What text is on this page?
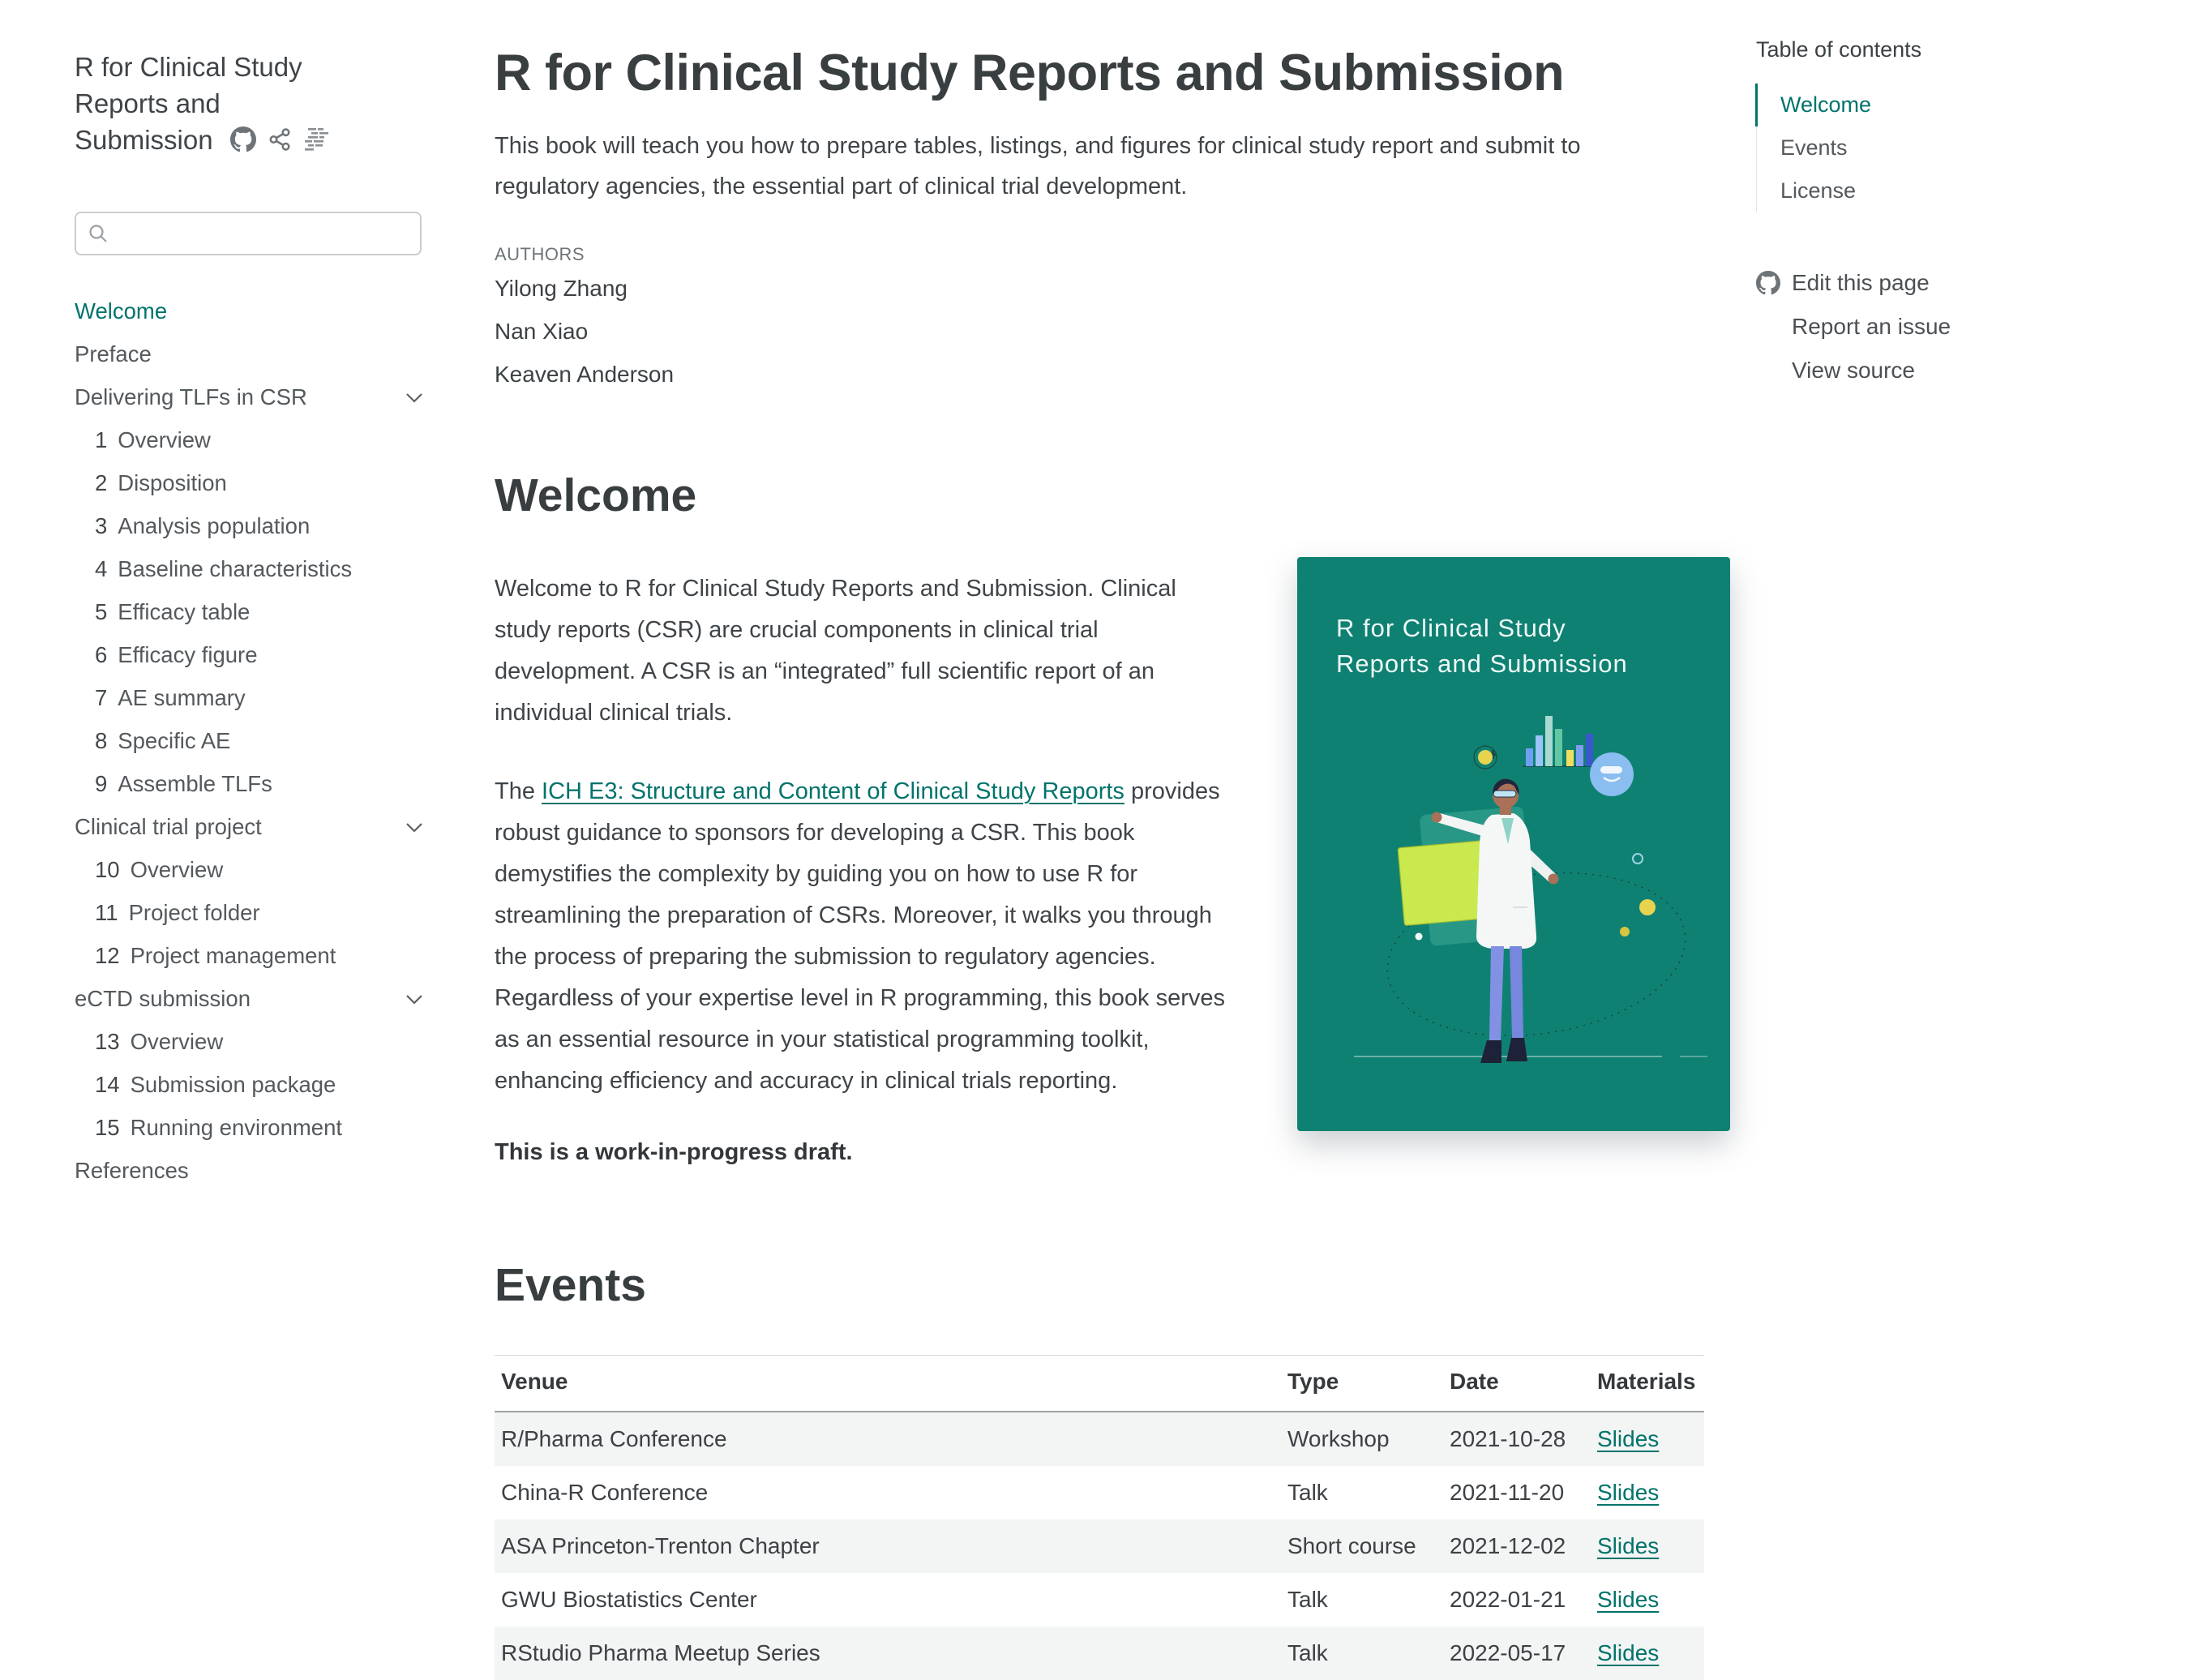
R for Clinical Study Reports and Submission
Welcome
Preface
Delivering TLFs in CSR
1 Overview
2 Disposition
3 Analysis population
4 Baseline characteristics
5 Efficacy table
6 Efficacy figure
7 AE summary
8 Specific AE
9 Assemble TLFs
Clinical trial project
10 Overview
11 Project folder
12 Project management
eCTD submission
13 Overview
14 Submission package
15 Running environment
References
R for Clinical Study Reports and Submission
This book will teach you how to prepare tables, listings, and figures for clinical study report and submit to regulatory agencies, the essential part of clinical trial development.
AUTHORS
Yilong Zhang
Nan Xiao
Keaven Anderson
Welcome

Welcome to R for Clinical Study Reports and Submission. Clinical study reports (CSR) are crucial components in clinical trial development. A CSR is an “integrated” full scientific report of an individual clinical trials.

The ICH E3: Structure and Content of Clinical Study Reports provides robust guidance to sponsors for developing a CSR. This book demystifies the complexity by guiding you on how to use R for streamlining the preparation of CSRs. Moreover, it walks you through the process of preparing the submission to regulatory agencies. Regardless of your expertise level in R programming, this book serves as an essential resource in your statistical programming toolkit, enhancing efficiency and accuracy in clinical trials reporting.

This is a work-in-progress draft.
R for Clinical Study
Reports and Submission
Events
Venue	Type	Date	Materials
R/Pharma Conference	Workshop	2021-10-28	Slides
China-R Conference	Talk	2021-11-20	Slides
ASA Princeton-Trenton Chapter	Short course	2021-12-02	Slides
GWU Biostatistics Center	Talk	2022-01-21	Slides
RStudio Pharma Meetup Series	Talk	2022-05-17	Slides
Table of contents
Welcome
Events
License
Edit this page
Report an issue
View source
